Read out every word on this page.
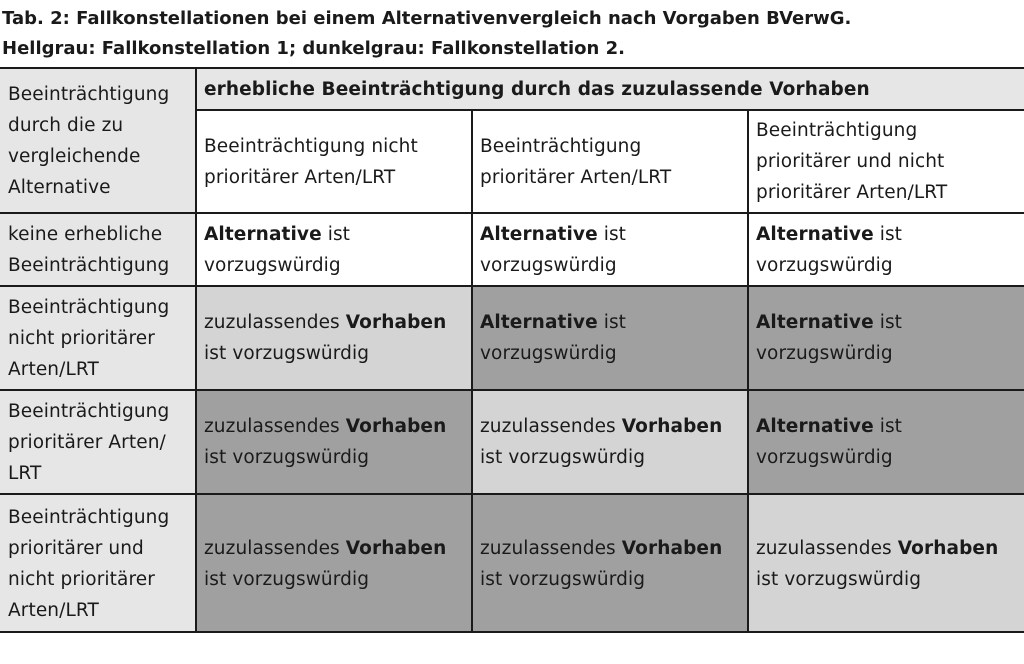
Tab. 2: Fallkonstellationen bei einem Alternativenvergleich nach Vorgaben BVerwG.
Hellgrau: Fallkonstellation 1; dunkelgrau: Fallkonstellation 2.
Beeinträchtigung durch die zu vergleichende Alternative
erhebliche Beeinträchtigung durch das zuzulassende Vorhaben
Beeinträchtigung nicht prioritärer Arten/LRT
Beeinträchtigung prioritärer Arten/LRT
Beeinträchtigung prioritärer und nicht prioritärer Arten/LRT
keine erhebliche Beeinträchtigung
Beeinträchtigung nicht prioritärer Arten/LRT
Beeinträchtigung prioritärer Arten/ LRT
Beeinträchtigung prioritärer und nicht prioritärer Arten/LRT
Alternative ist
vorzugswürdig
Alternative ist
vorzugswürdig
Alternative ist
vorzugswürdig
zuzulassendes Vorhaben
ist vorzugswürdig
Alternative ist
vorzugswürdig
Alternative ist
vorzugswürdig
zuzulassendes Vorhaben
ist vorzugswürdig
zuzulassendes Vorhaben
ist vorzugswürdig
Alternative ist
vorzugswürdig
zuzulassendes Vorhaben
ist vorzugswürdig
zuzulassendes Vorhaben
ist vorzugswürdig
zuzulassendes Vorhaben
ist vorzugswürdig
